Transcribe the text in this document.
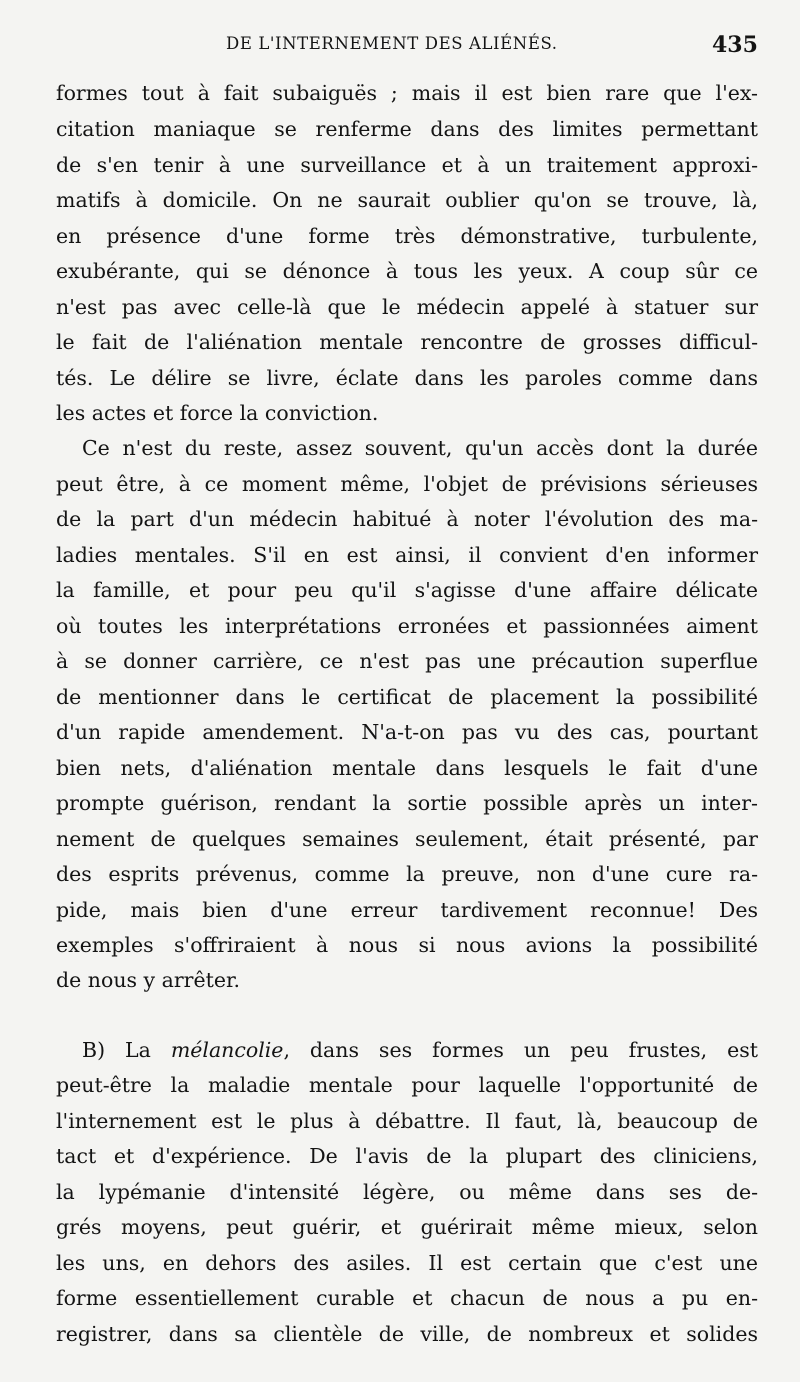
DE L'INTERNEMENT DES ALIÉNÉS.	435
formes tout à fait subaiguës ; mais il est bien rare que l'ex-
citation maniaque se renferme dans des limites permettant
de s'en tenir à une surveillance et à un traitement approxi-
matifs à domicile. On ne saurait oublier qu'on se trouve, là,
en présence d'une forme très démonstrative, turbulente,
exubérante, qui se dénonce à tous les yeux. A coup sûr ce
n'est pas avec celle-là que le médecin appelé à statuer sur
le fait de l'aliénation mentale rencontre de grosses difficul-
tés. Le délire se livre, éclate dans les paroles comme dans
les actes et force la conviction.
Ce n'est du reste, assez souvent, qu'un accès dont la durée
peut être, à ce moment même, l'objet de prévisions sérieuses
de la part d'un médecin habitué à noter l'évolution des ma-
ladies mentales. S'il en est ainsi, il convient d'en informer
la famille, et pour peu qu'il s'agisse d'une affaire délicate
où toutes les interprétations erronées et passionnées aiment
à se donner carrière, ce n'est pas une précaution superflue
de mentionner dans le certificat de placement la possibilité
d'un rapide amendement. N'a-t-on pas vu des cas, pourtant
bien nets, d'aliénation mentale dans lesquels le fait d'une
prompte guérison, rendant la sortie possible après un inter-
nement de quelques semaines seulement, était présenté, par
des esprits prévenus, comme la preuve, non d'une cure ra-
pide, mais bien d'une erreur tardivement reconnue! Des
exemples s'offriraient à nous si nous avions la possibilité
de nous y arrêter.
B) La mélancolie, dans ses formes un peu frustes, est
peut-être la maladie mentale pour laquelle l'opportunité de
l'internement est le plus à débattre. Il faut, là, beaucoup de
tact et d'expérience. De l'avis de la plupart des cliniciens,
la lypémanie d'intensité légère, ou même dans ses de-
grés moyens, peut guérir, et guérirait même mieux, selon
les uns, en dehors des asiles. Il est certain que c'est une
forme essentiellement curable et chacun de nous a pu en-
registrer, dans sa clientèle de ville, de nombreux et solides
